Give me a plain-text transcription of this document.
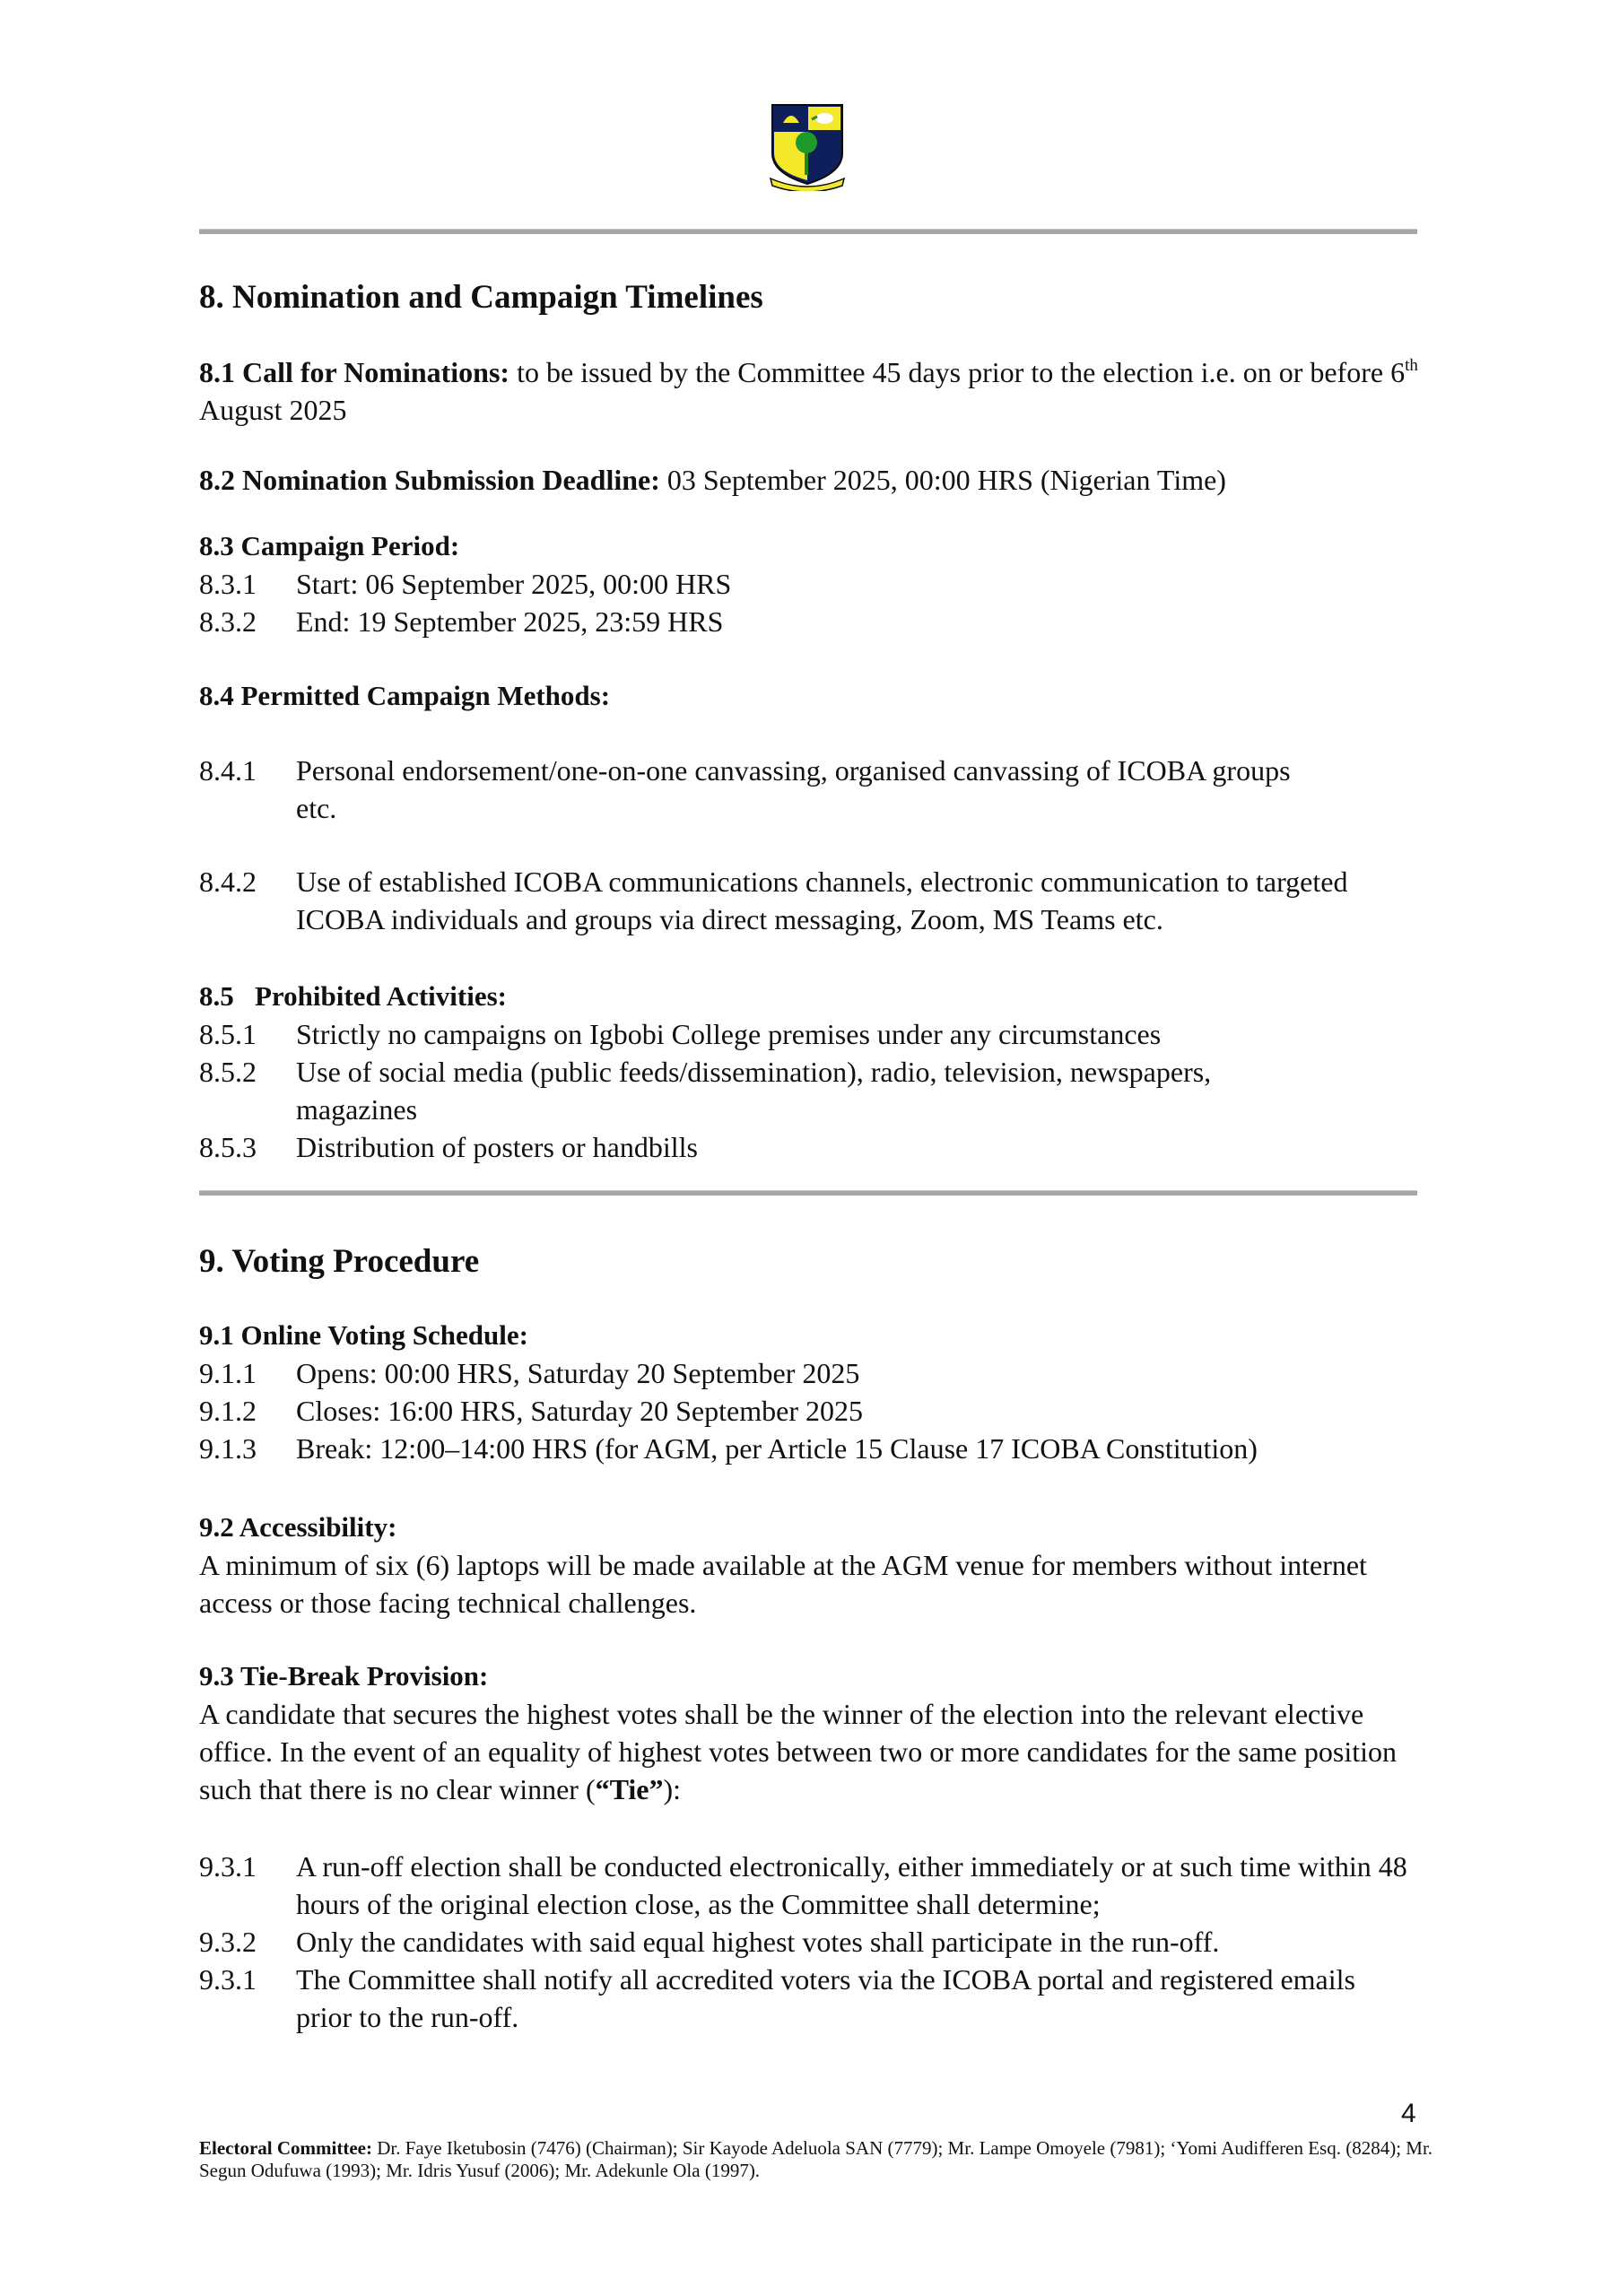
8. Nomination and Campaign Timelines

8.1 Call for Nominations: to be issued by the Committee 45 days prior to the election i.e. on or before 6th August 2025

8.2 Nomination Submission Deadline: 03 September 2025, 00:00 HRS (Nigerian Time)

8.3 Campaign Period:

8.3.1	Start: 06 September 2025, 00:00 HRS
8.3.2	End: 19 September 2025, 23:59 HRS

8.4 Permitted Campaign Methods:

8.4.1	Personal endorsement/one-on-one canvassing, organised canvassing of ICOBA groups etc.
8.4.2	Use of established ICOBA communications channels, electronic communication to targeted ICOBA individuals and groups via direct messaging, Zoom, MS Teams etc.

8.5   Prohibited Activities:

8.5.1	Strictly no campaigns on Igbobi College premises under any circumstances
8.5.2	Use of social media (public feeds/dissemination), radio, television, newspapers, magazines
8.5.3	Distribution of posters or handbills
9. Voting Procedure

9.1 Online Voting Schedule:

9.1.1	Opens: 00:00 HRS, Saturday 20 September 2025
9.1.2	Closes: 16:00 HRS, Saturday 20 September 2025
9.1.3	Break: 12:00–14:00 HRS (for AGM, per Article 15 Clause 17 ICOBA Constitution)

9.2 Accessibility:

A minimum of six (6) laptops will be made available at the AGM venue for members without internet access or those facing technical challenges.

9.3 Tie-Break Provision:

A candidate that secures the highest votes shall be the winner of the election into the relevant elective office. In the event of an equality of highest votes between two or more candidates for the same position such that there is no clear winner (“Tie”):

9.3.1	A run-off election shall be conducted electronically, either immediately or at such time within 48 hours of the original election close, as the Committee shall determine;
9.3.2	Only the candidates with said equal highest votes shall participate in the run-off.
9.3.1	The Committee shall notify all accredited voters via the ICOBA portal and registered emails prior to the run-off.
4
Electoral Committee: Dr. Faye Iketubosin (7476) (Chairman); Sir Kayode Adeluola SAN (7779); Mr. Lampe Omoyele (7981); ‘Yomi Audifferen Esq. (8284); Mr. Segun Odufuwa (1993); Mr. Idris Yusuf (2006); Mr. Adekunle Ola (1997).
